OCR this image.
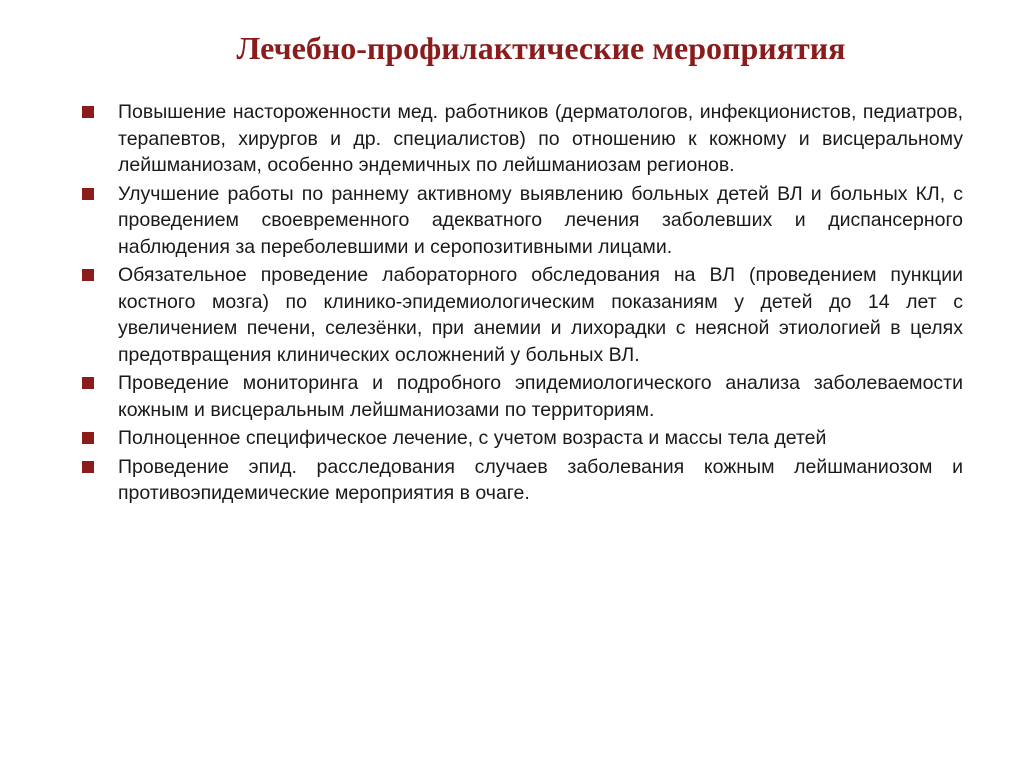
Лечебно-профилактические мероприятия
Повышение настороженности мед. работников (дерматологов, инфекционистов, педиатров, терапевтов, хирургов и др. специалистов) по отношению к кожному и висцеральному лейшманиозам, особенно эндемичных по лейшманиозам регионов.
Улучшение работы по раннему активному выявлению больных детей ВЛ и больных КЛ, с проведением своевременного адекватного лечения заболевших и диспансерного наблюдения за переболевшими и серопозитивными лицами.
Обязательное проведение лабораторного обследования на ВЛ (проведением пункции костного мозга) по клинико-эпидемиологическим показаниям у детей до 14 лет с увеличением печени, селезёнки, при анемии и лихорадки с неясной этиологией в целях предотвращения клинических осложнений у больных ВЛ.
Проведение мониторинга и подробного эпидемиологического анализа заболеваемости кожным и висцеральным лейшманиозами по территориям.
Полноценное специфическое лечение, с учетом возраста и массы тела детей
Проведение эпид. расследования случаев заболевания кожным лейшманиозом и противоэпидемические мероприятия в очаге.
